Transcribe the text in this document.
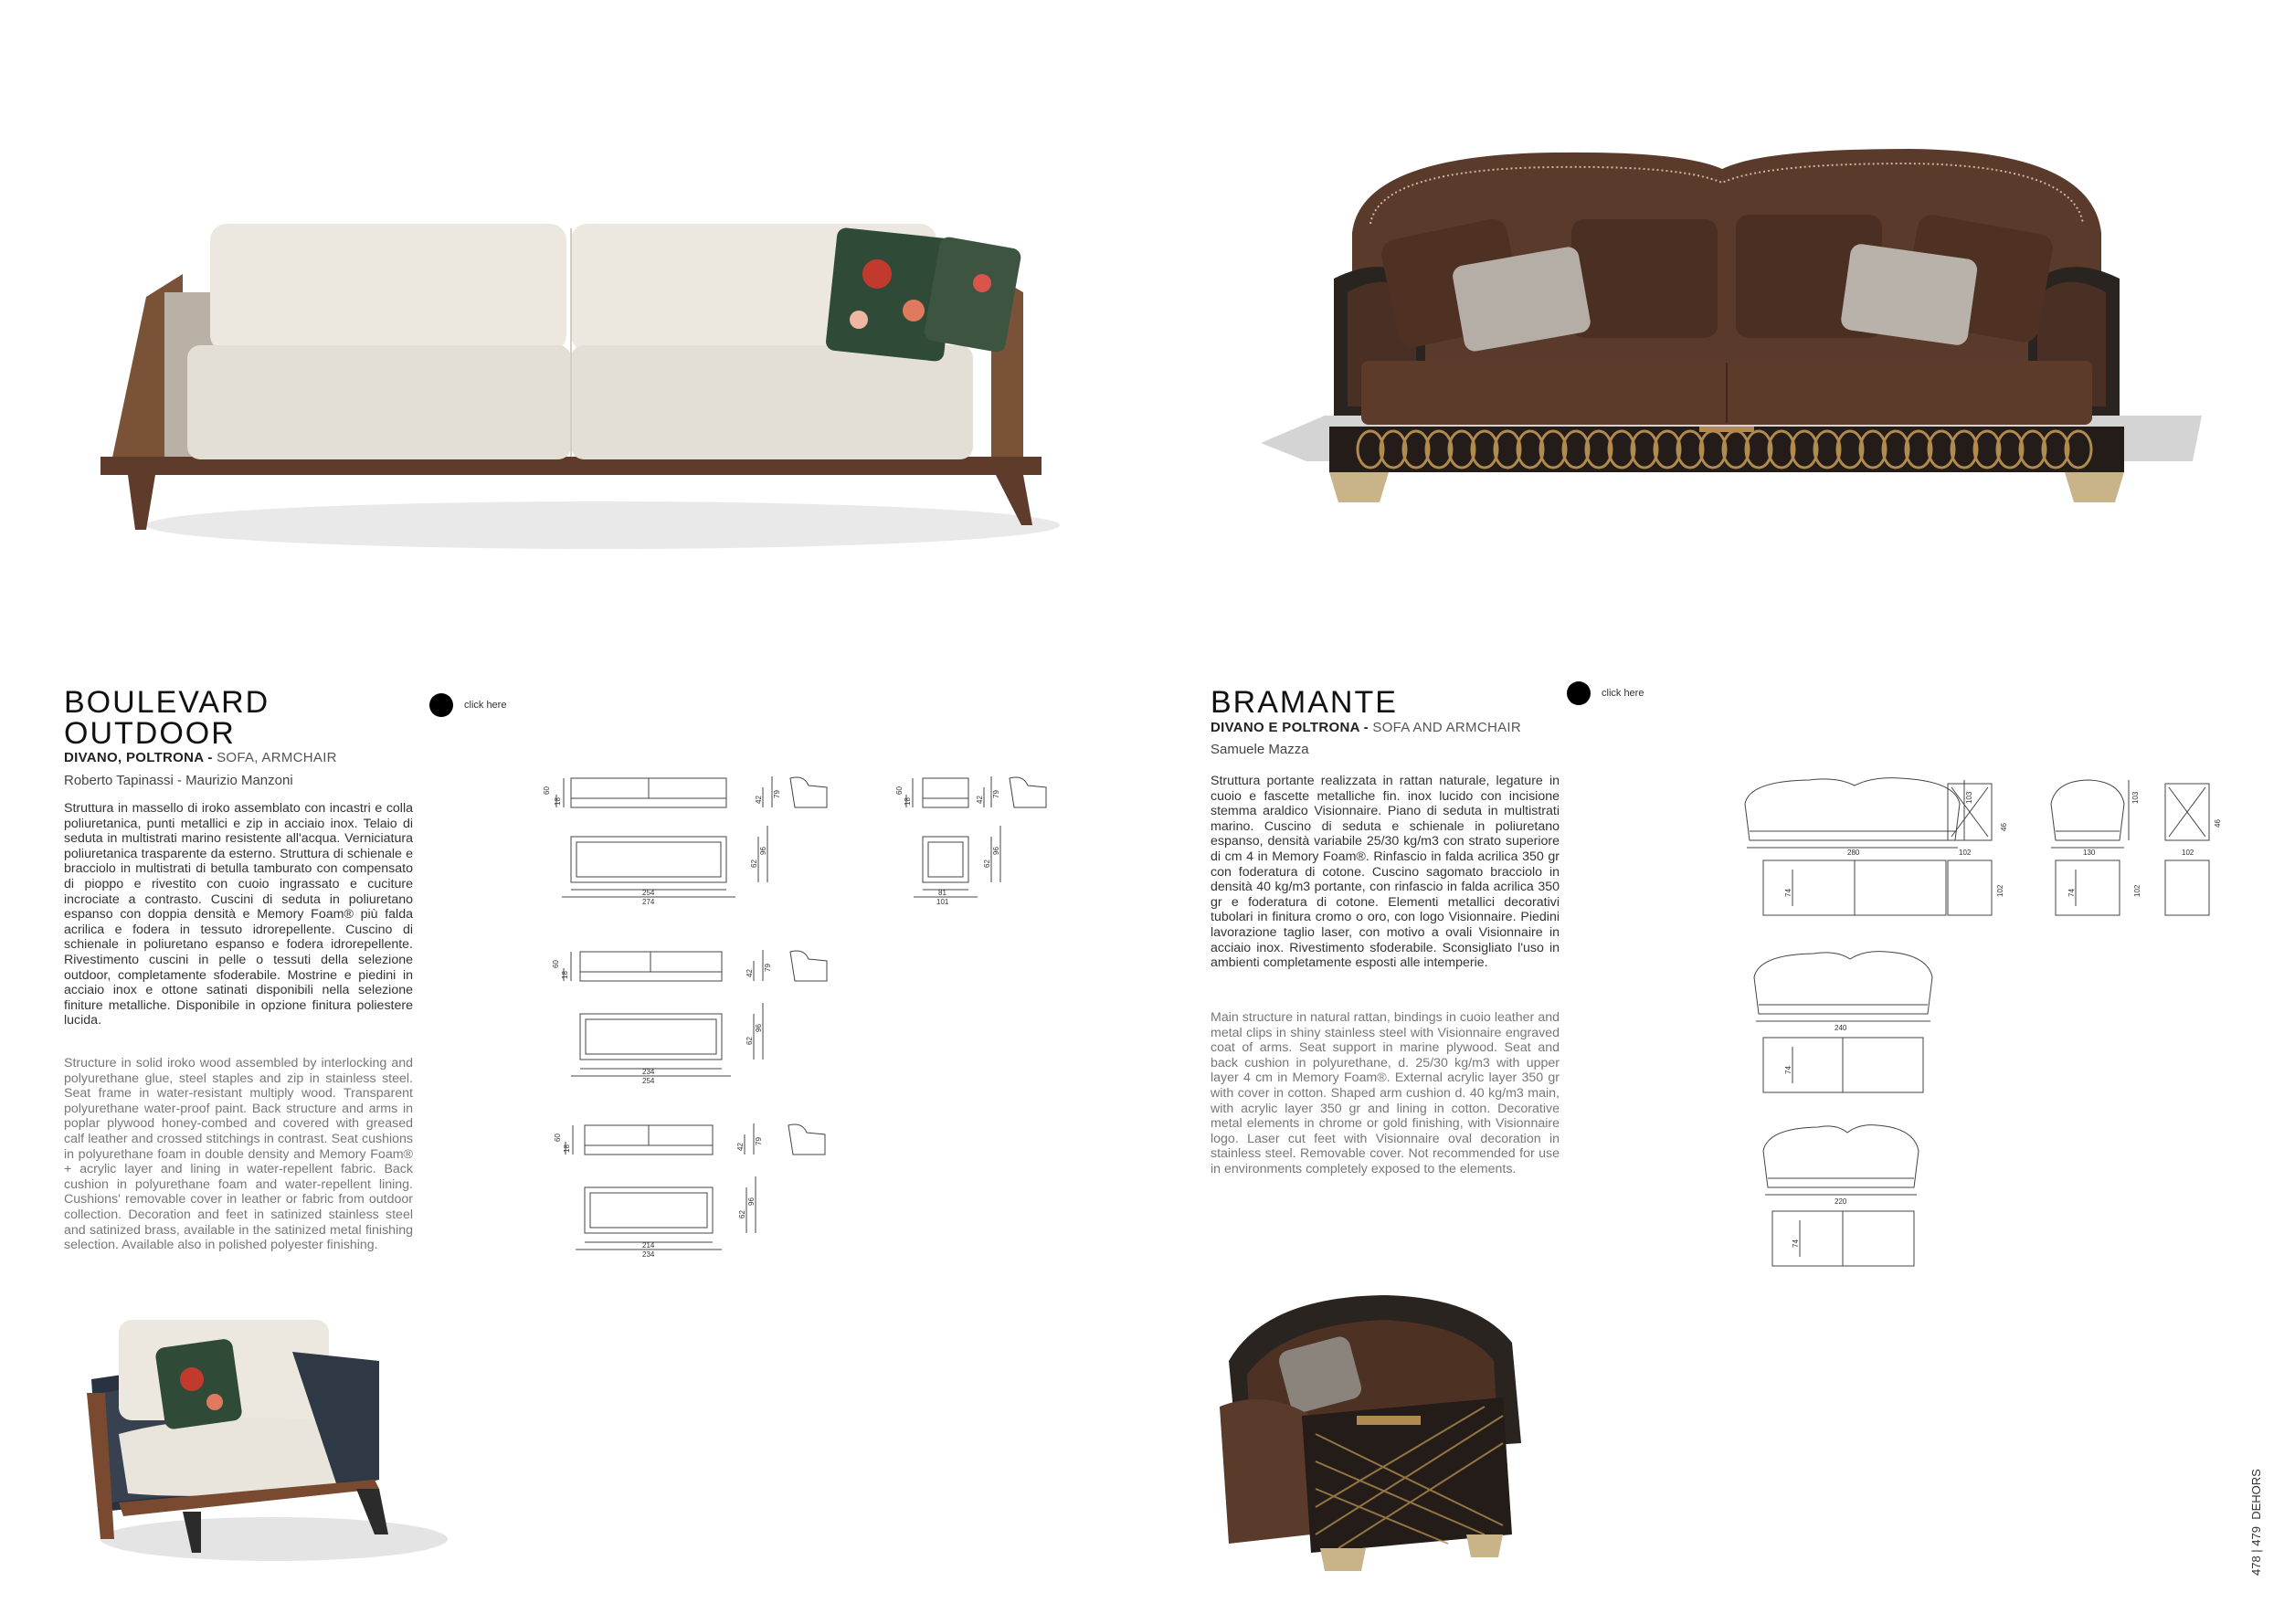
BOULEVARD
OUTDOOR
click here
DIVANO, POLTRONA - SOFA, ARMCHAIR
Roberto Tapinassi - Maurizio Manzoni
Struttura in massello di iroko assemblato con incastri e colla poliuretanica, punti metallici e zip in acciaio inox. Telaio di seduta in multistrati marino resistente all'acqua. Verniciatura poliuretanica trasparente da esterno. Struttura di schienale e bracciolo in multistrati di betulla tamburato con compensato di pioppo e rivestito con cuoio ingrassato e cuciture incrociate a contrasto. Cuscini di seduta in poliuretano espanso con doppia densità e Memory Foam® più falda acrilica e fodera in tessuto idrorepellente. Cuscino di schienale in poliuretano espanso e fodera idrorepellente. Rivestimento cuscini in pelle o tessuti della selezione outdoor, completamente sfoderabile. Mostrine e piedini in acciaio inox e ottone satinati disponibili nella selezione finiture metalliche. Disponibile in opzione finitura poliestere lucida.
Structure in solid iroko wood assembled by interlocking and polyurethane glue, steel staples and zip in stainless steel. Seat frame in water-resistant multiply wood. Transparent polyurethane water-proof paint. Back structure and arms in poplar plywood honey-combed and covered with greased calf leather and crossed stitchings in contrast. Seat cushions in polyurethane foam in double density and Memory Foam® + acrylic layer and lining in water-repellent fabric. Back cushion in polyurethane foam and water-repellent lining. Cushions' removable cover in leather or fabric from outdoor collection. Decoration and feet in satinized stainless steel and satinized brass, available in the satinized metal finishing selection. Available also in polished polyester finishing.
60
18	42
79
254
274
62
96
60
18	42
79
81
101
62
96
60
18	42
79
234
254
62
96
60
18	42
79
214
234
62
96
BRAMANTE	click here
DIVANO E POLTRONA - SOFA AND ARMCHAIR
Samuele Mazza
Struttura portante realizzata in rattan naturale, legature in cuoio e fascette metalliche fin. inox lucido con incisione stemma araldico Visionnaire. Piano di seduta in multistrati marino. Cuscino di seduta e schienale in poliuretano espanso, densità variabile 25/30 kg/m3 con strato superiore di cm 4 in Memory Foam®. Rinfascio in falda acrilica 350 gr con foderatura di cotone. Cuscino sagomato bracciolo in densità 40 kg/m3 portante, con rinfascio in falda acrilica 350 gr e foderatura di cotone. Elementi metallici decorativi tubolari in finitura cromo o oro, con logo Visionnaire. Piedini lavorazione taglio laser, con motivo a ovali Visionnaire in acciaio inox. Rivestimento sfoderabile. Sconsigliato l'uso in ambienti completamente esposti alle intemperie.
Main structure in natural rattan, bindings in cuoio leather and metal clips in shiny stainless steel with Visionnaire engraved coat of arms. Seat support in marine plywood. Seat and back cushion in polyurethane, d. 25/30 kg/m3 with upper layer 4 cm in Memory Foam®. External acrylic layer 350 gr with cover in cotton. Shaped arm cushion d. 40 kg/m3 main, with acrylic layer 350 gr and lining in cotton. Decorative metal elements in chrome or gold finishing, with Visionnaire logo. Laser cut feet with Visionnaire oval decoration in stainless steel. Removable cover. Not recommended for use in environments completely exposed to the elements.
280
103
74
102
46
102
130
103
74
102
102
46
240
74
220
74
478 | 479  DEHORS
